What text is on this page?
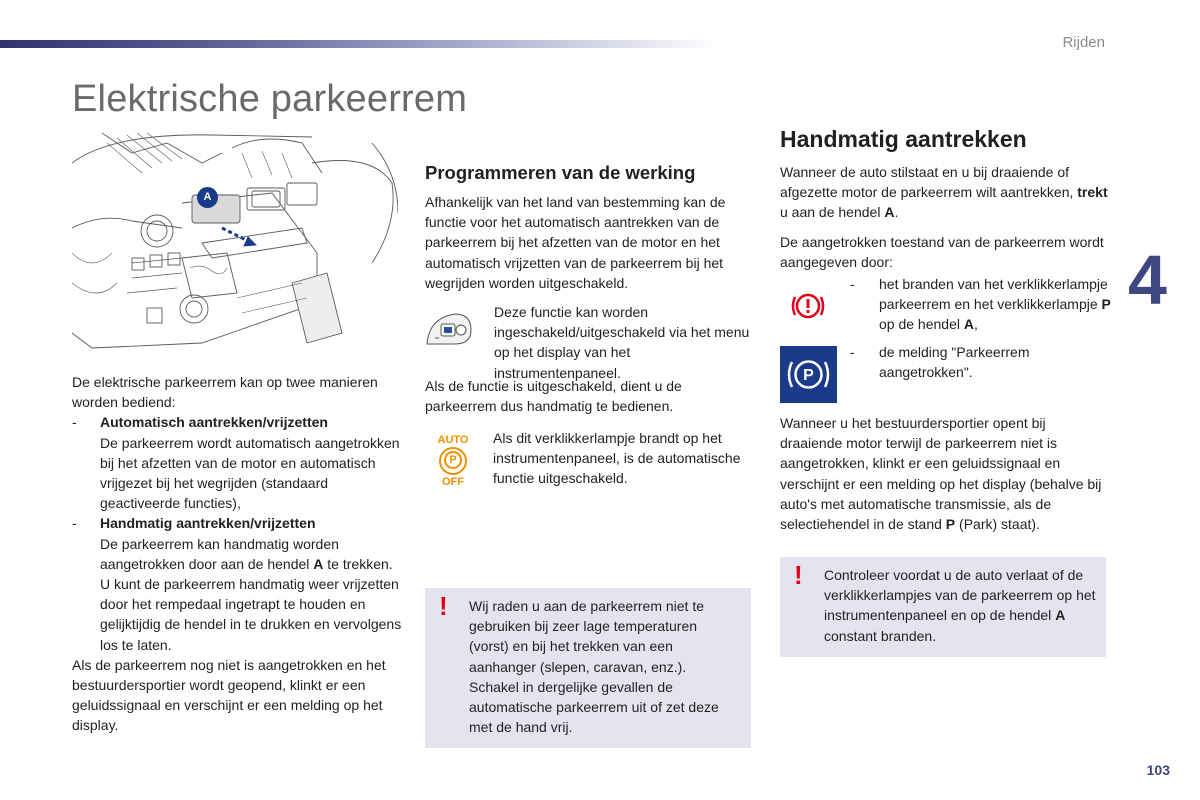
Rijden
4
Elektrische parkeerrem
A

De elektrische parkeerrem kan op twee manieren worden bediend:

-	Automatisch aantrekken/vrijzetten

De parkeerrem wordt automatisch aangetrokken bij het afzetten van de motor en automatisch vrijgezet bij het wegrijden (standaard geactiveerde functies),

-	Handmatig aantrekken/vrijzetten

De parkeerrem kan handmatig worden aangetrokken door aan de hendel A te trekken.

U kunt de parkeerrem handmatig weer vrijzetten door het rempedaal ingetrapt te houden en gelijktijdig de hendel in te drukken en vervolgens los te laten.

Als de parkeerrem nog niet is aangetrokken en het bestuurdersportier wordt geopend, klinkt er een geluidssignaal en verschijnt er een melding op het display.

Programmeren van de werking
Afhankelijk van het land van bestemming kan de functie voor het automatisch aantrekken van de parkeerrem bij het afzetten van de motor en het automatisch vrijzetten van de parkeerrem bij het wegrijden worden uitgeschakeld.

Deze functie kan worden ingeschakeld/uitgeschakeld via het menu op het display van het instrumentenpaneel.

Als de functie is uitgeschakeld, dient u de parkeerrem dus handmatig te bedienen.
AUTO
P
OFF

Als dit verklikkerlampje brandt op het instrumentenpaneel, is de automatische functie uitgeschakeld.

! Wij raden u aan de parkeerrem niet te gebruiken bij zeer lage temperaturen (vorst) en bij het trekken van een aanhanger (slepen, caravan, enz.). Schakel in dergelijke gevallen de automatische parkeerrem uit of zet deze met de hand vrij.

Handmatig aantrekken
Wanneer de auto stilstaat en u bij draaiende of afgezette motor de parkeerrem wilt aantrekken, trekt u aan de hendel A.
De aangetrokken toestand van de parkeerrem wordt aangegeven door:
- het branden van het verklikkerlampje parkeerrem en het verklikkerlampje P op de hendel A,

P
- de melding "Parkeerrem aangetrokken".

Wanneer u het bestuurdersportier opent bij draaiende motor terwijl de parkeerrem niet is aangetrokken, klinkt er een geluidssignaal en verschijnt er een melding op het display (behalve bij auto's met automatische transmissie, als de selectiehendel in de stand P (Park) staat).
! Controleer voordat u de auto verlaat of de verklikkerlampjes van de parkeerrem op het instrumentenpaneel en op de hendel A constant branden.

103
